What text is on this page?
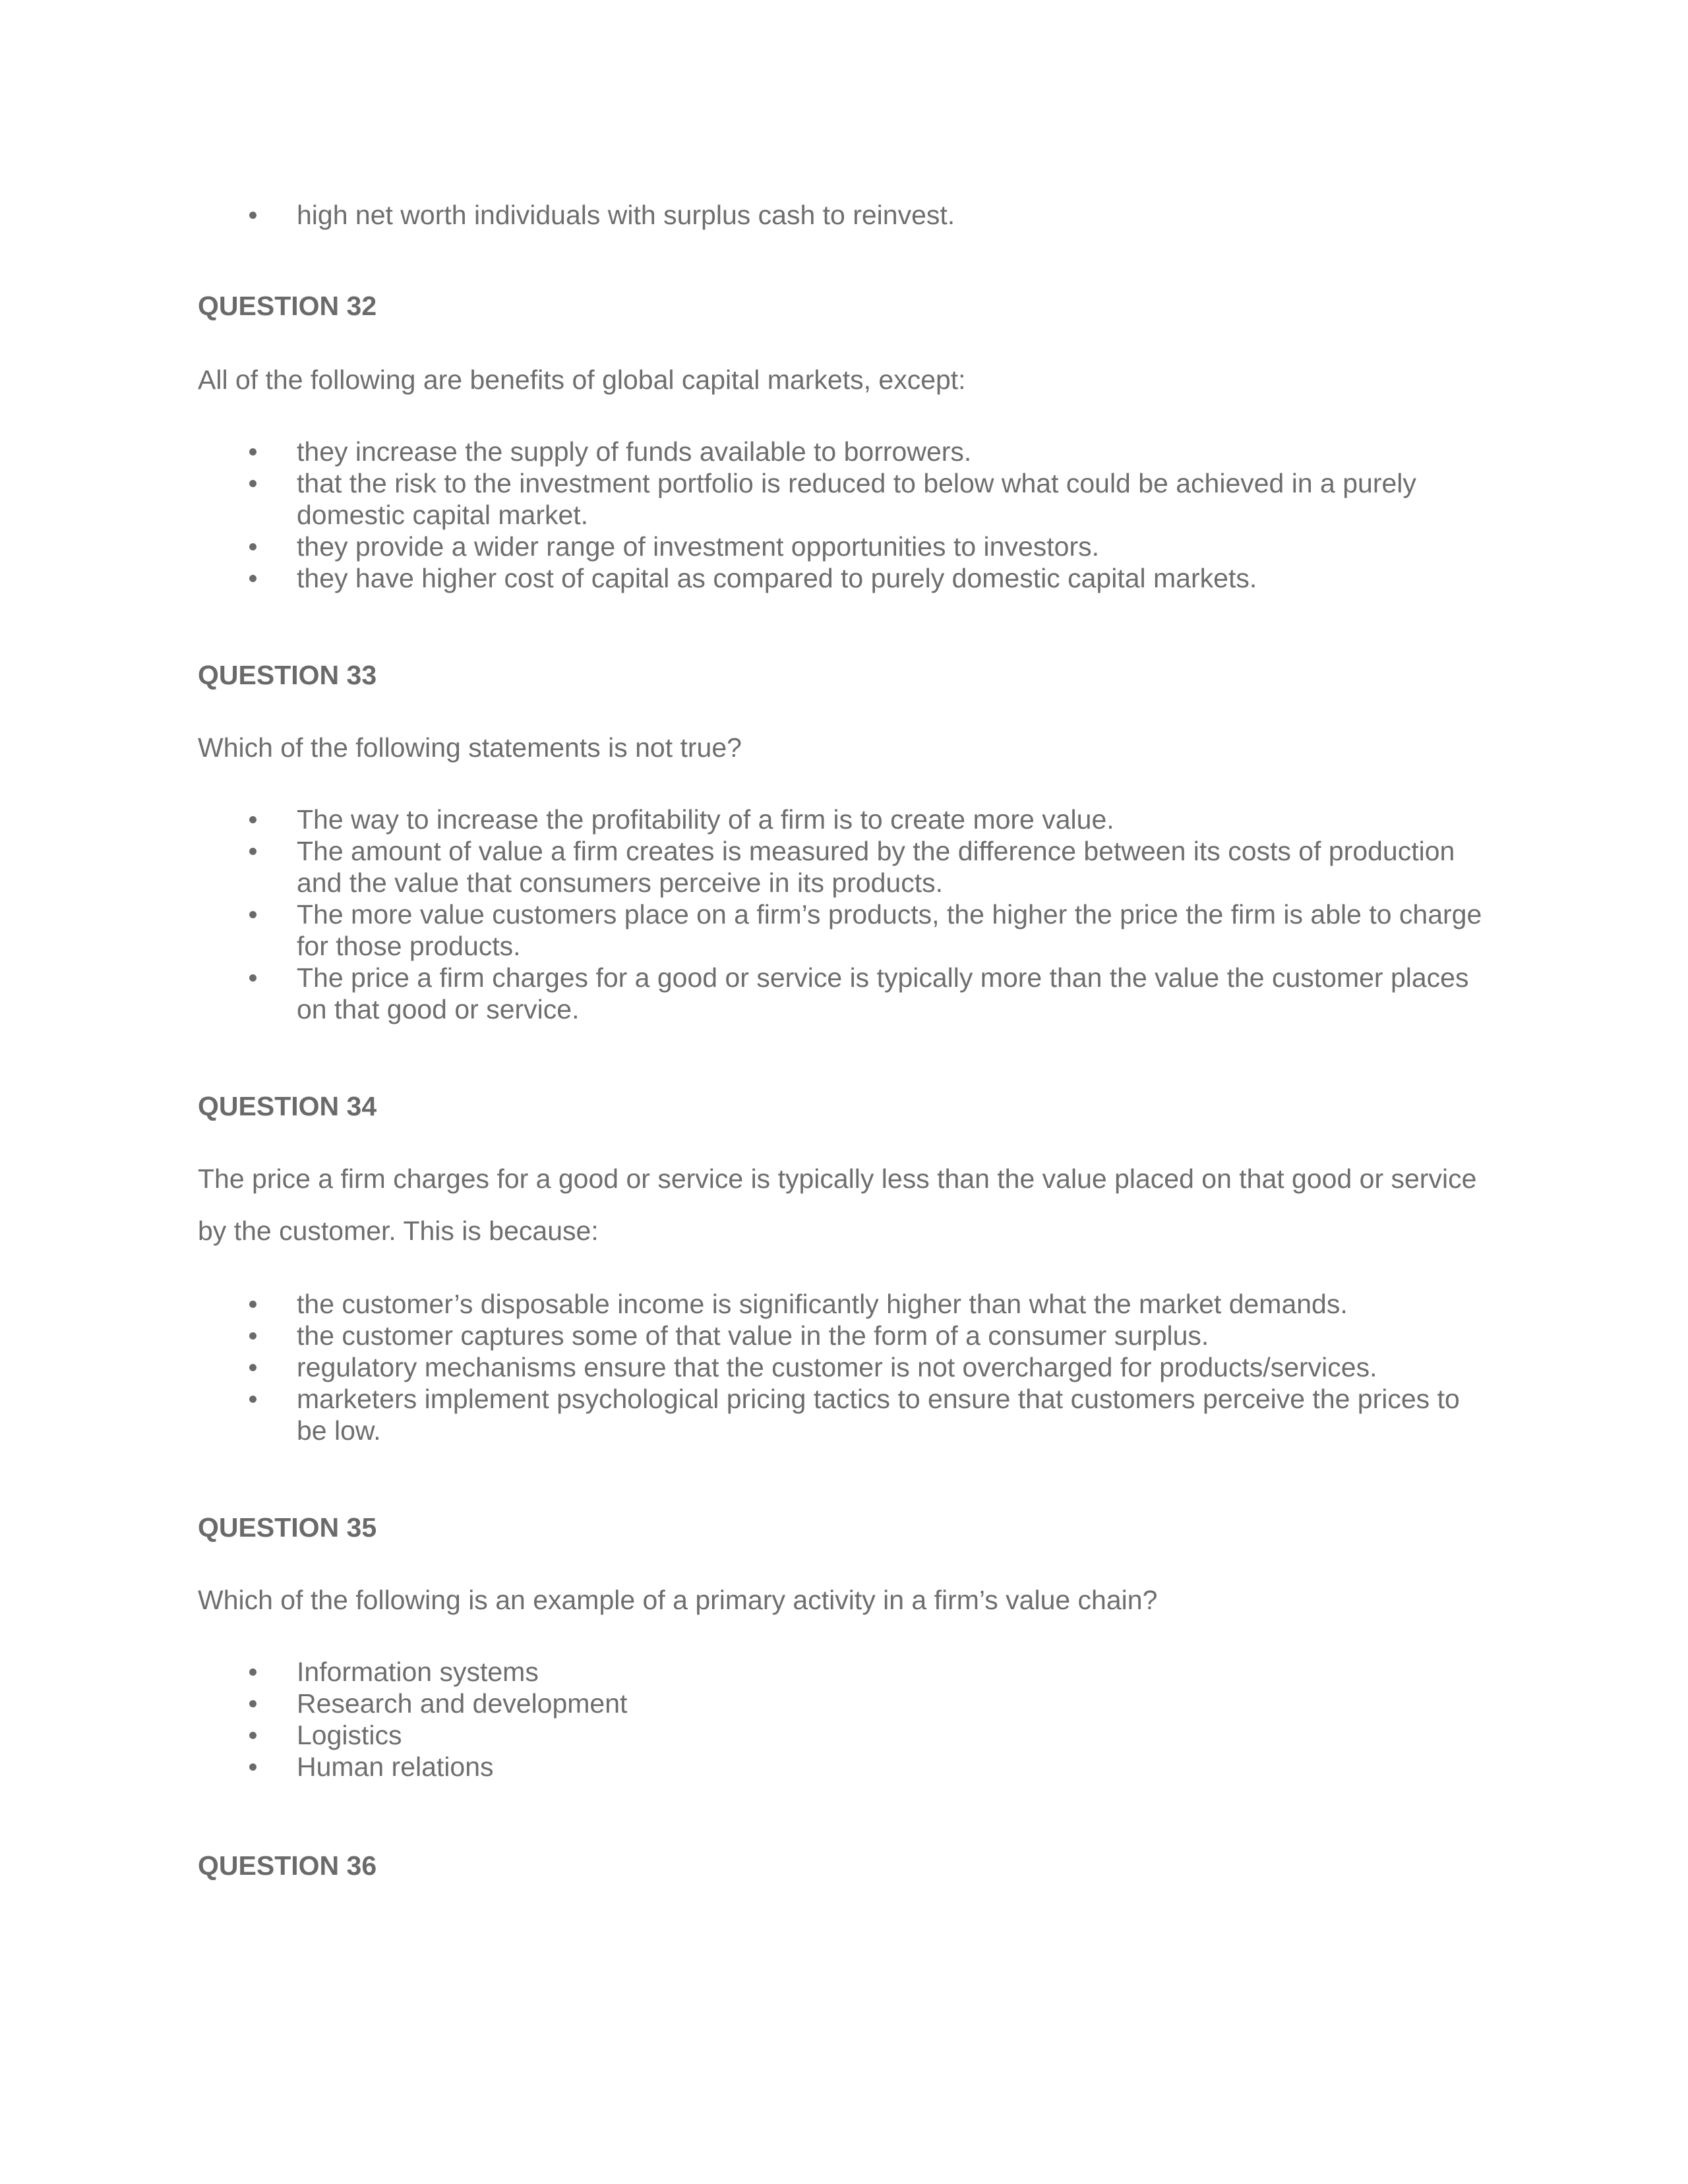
high net worth individuals with surplus cash to reinvest.

QUESTION 32

All of the following are benefits of global capital markets, except:

they increase the supply of funds available to borrowers.
that the risk to the investment portfolio is reduced to below what could be achieved in a purely domestic capital market.
they provide a wider range of investment opportunities to investors.
they have higher cost of capital as compared to purely domestic capital markets.

QUESTION 33

Which of the following statements is not true?

The way to increase the profitability of a firm is to create more value.
The amount of value a firm creates is measured by the difference between its costs of production and the value that consumers perceive in its products.
The more value customers place on a firm’s products, the higher the price the firm is able to charge for those products.
The price a firm charges for a good or service is typically more than the value the customer places on that good or service.

QUESTION 34

The price a firm charges for a good or service is typically less than the value placed on that good or service by the customer. This is because:

the customer’s disposable income is significantly higher than what the market demands.
the customer captures some of that value in the form of a consumer surplus.
regulatory mechanisms ensure that the customer is not overcharged for products/services.
marketers implement psychological pricing tactics to ensure that customers perceive the prices to be low.

QUESTION 35

Which of the following is an example of a primary activity in a firm’s value chain?

Information systems
Research and development
Logistics
Human relations

QUESTION 36
